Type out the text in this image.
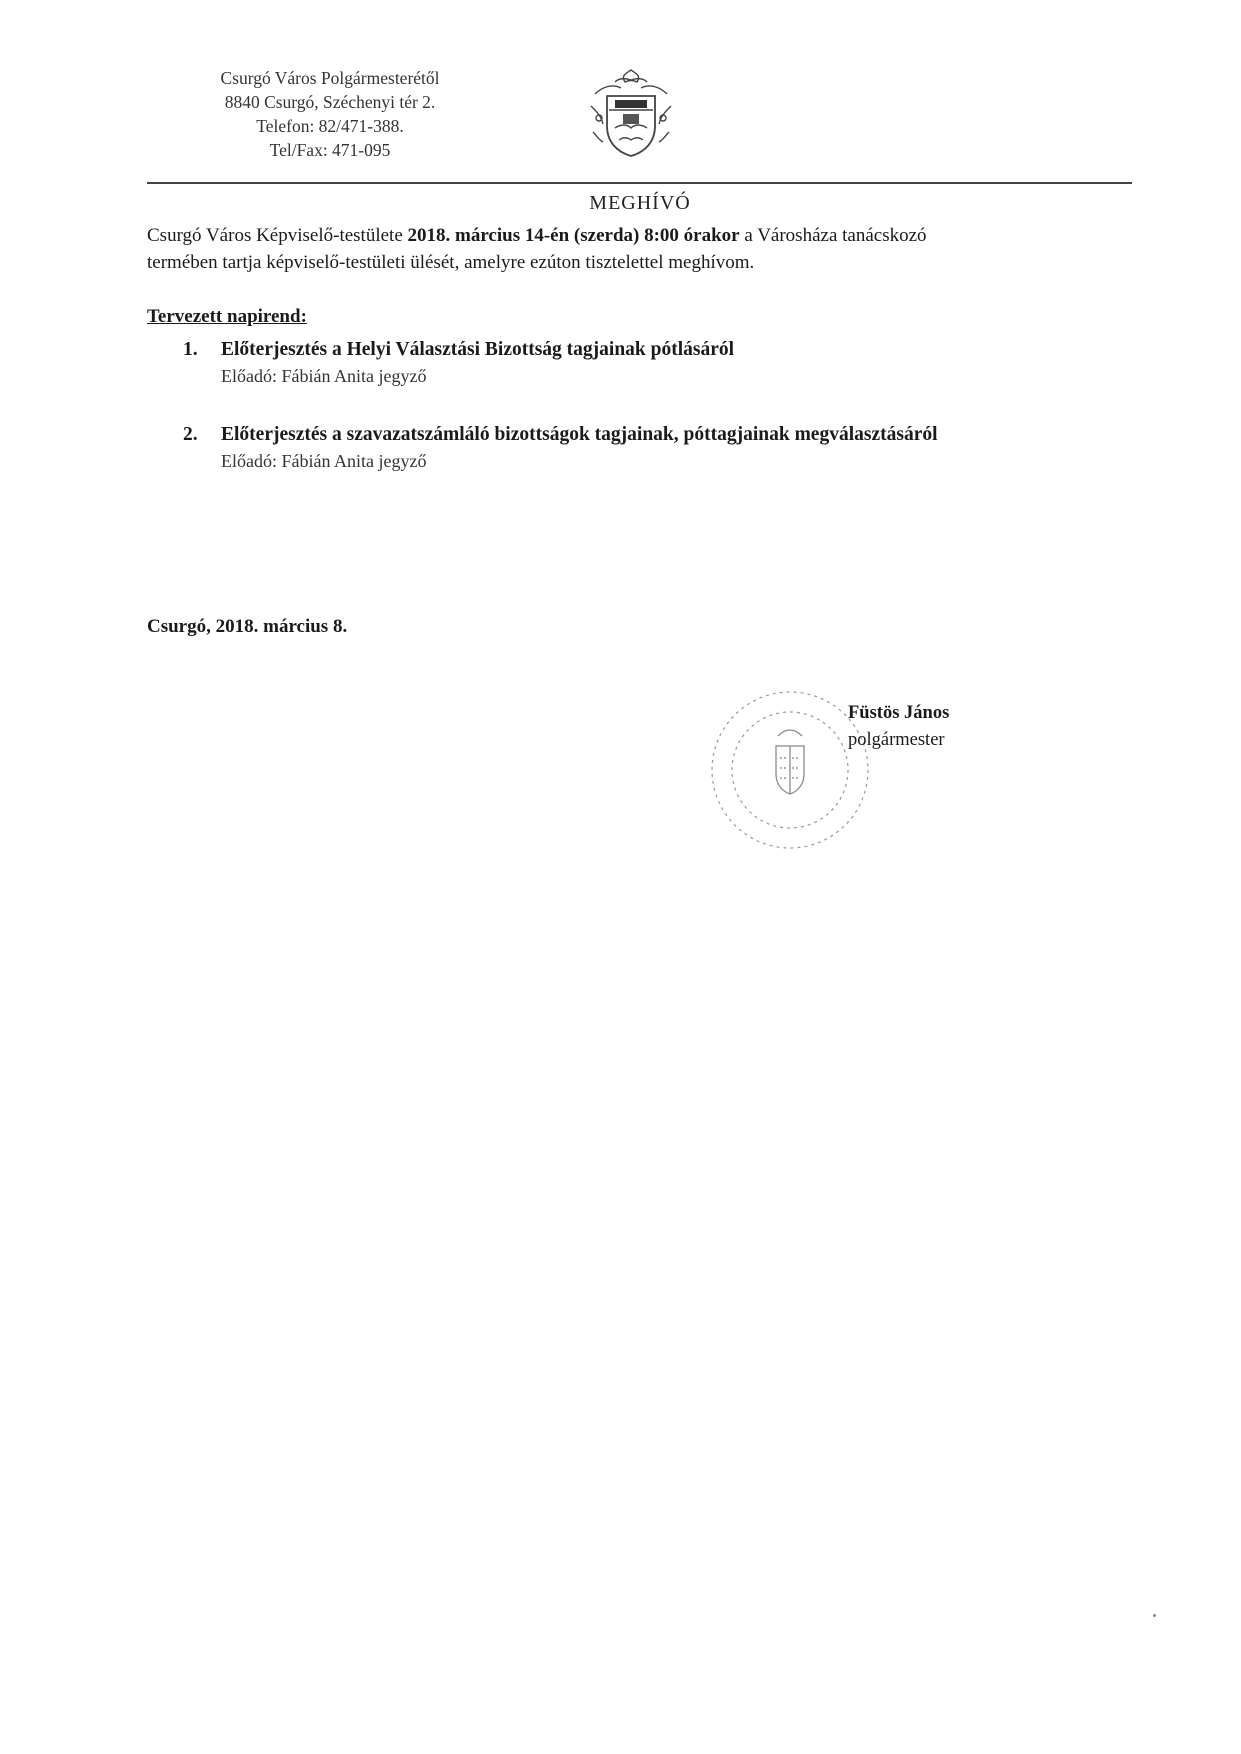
Csurgó Város Polgármesterétől
8840 Csurgó, Széchenyi tér 2.
Telefon: 82/471-388.
Tel/Fax: 471-095
MEGHÍVÓ
Csurgó Város Képviselő-testülete 2018. március 14-én (szerda) 8:00 órakor a Városháza tanácskozó
termében tartja képviselő-testületi ülését, amelyre ezúton tisztelettel meghívom.
Tervezett napirend:
1.	Előterjesztés a Helyi Választási Bizottság tagjainak pótlásáról
Előadó: Fábián Anita jegyző
2.	Előterjesztés a szavazatszámláló bizottságok tagjainak, póttagjainak megválasztásáról
Előadó: Fábián Anita jegyző
Csurgó, 2018. március 8.
Füstös János
polgármester
